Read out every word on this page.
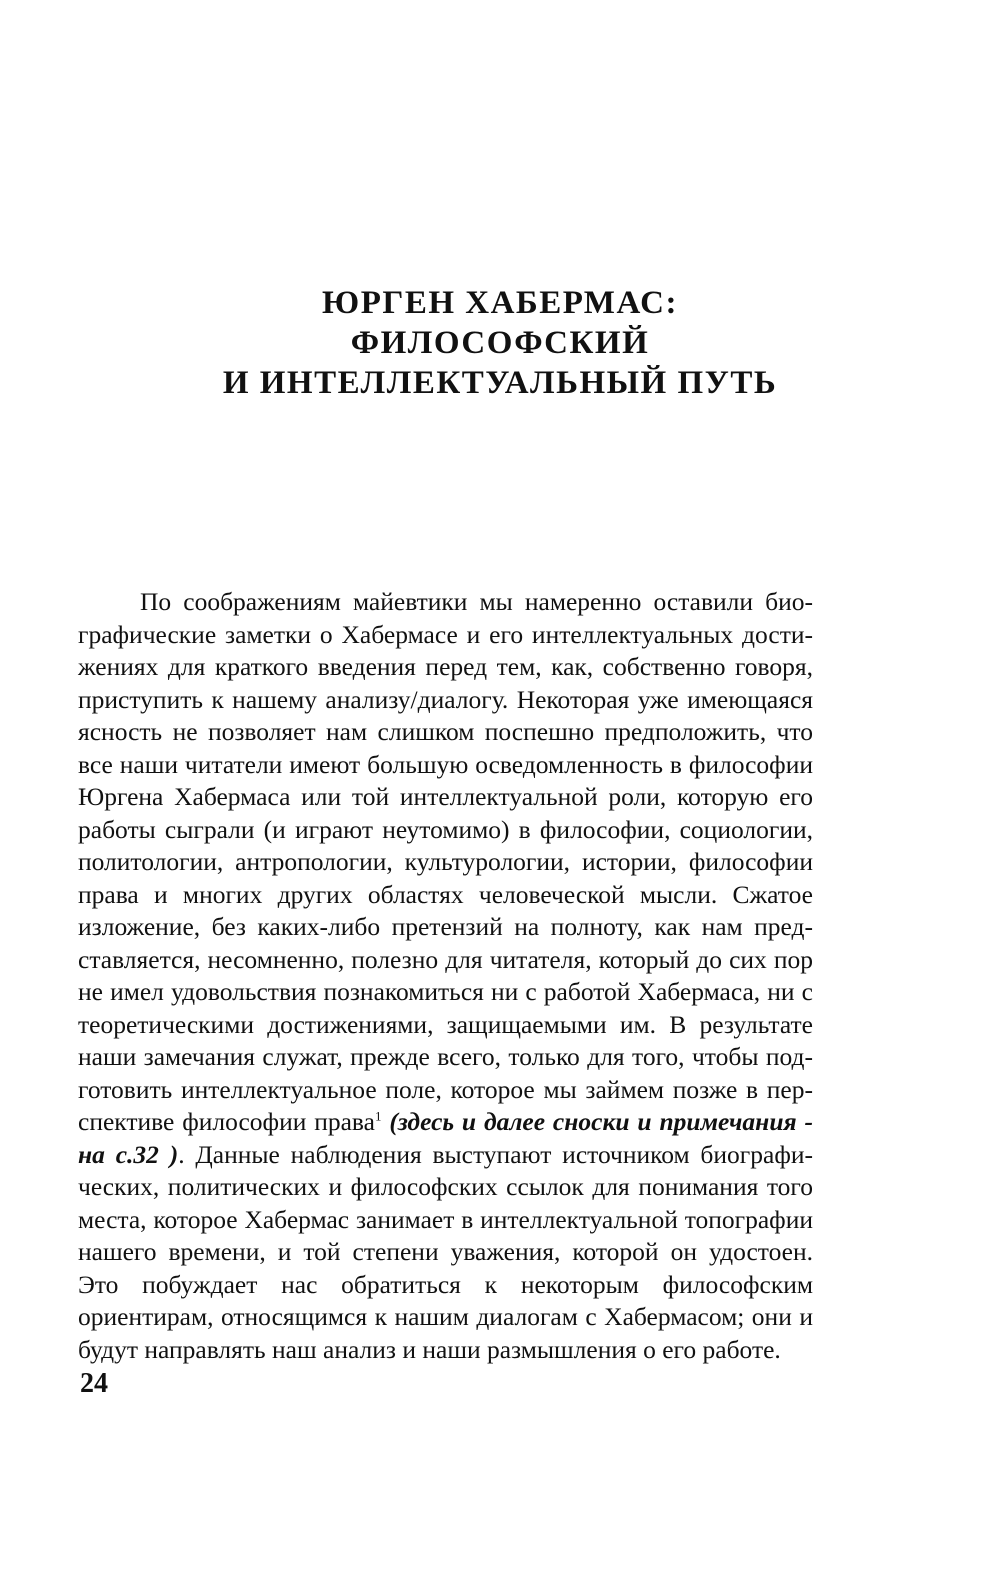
ЮРГЕН ХАБЕРМАС:
ФИЛОСОФСКИЙ
И ИНТЕЛЛЕКТУАЛЬНЫЙ ПУТЬ

По соображениям майевтики мы намеренно оставили биографические заметки о Хабермасе и его интеллектуальных достижениях для краткого введения перед тем, как, собственно говоря, приступить к нашему анализу/диалогу. Некоторая уже имеющаяся ясность не позволяет нам слишком поспешно предположить, что все наши читатели имеют большую осведомленность в философии Юргена Хабермаса или той интеллектуальной роли, которую его работы сыграли (и играют неутомимо) в философии, социологии, политологии, антропологии, культурологии, истории, философии права и многих других областях человеческой мысли. Сжатое изложение, без каких-либо претензий на полноту, как нам представляется, несомненно, полезно для читателя, который до сих пор не имел удовольствия познакомиться ни с работой Хабермаса, ни с теоретическими достижениями, защищаемыми им. В результате наши замечания служат, прежде всего, только для того, чтобы подготовить интеллектуальное поле, которое мы займем позже в перспективе философии права$^1$ (здесь и далее сноски и примечания - на с.32 ). Данные наблюдения выступают источником биографических, политических и философских ссылок для понимания того места, которое Хабермас занимает в интеллектуальной топографии нашего времени, и той степени уважения, которой он удостоен. Это побуждает нас обратиться к некоторым философским ориентирам, относящимся к нашим диалогам с Хабермасом; они и будут направлять наш анализ и наши размышления о его работе.

24
